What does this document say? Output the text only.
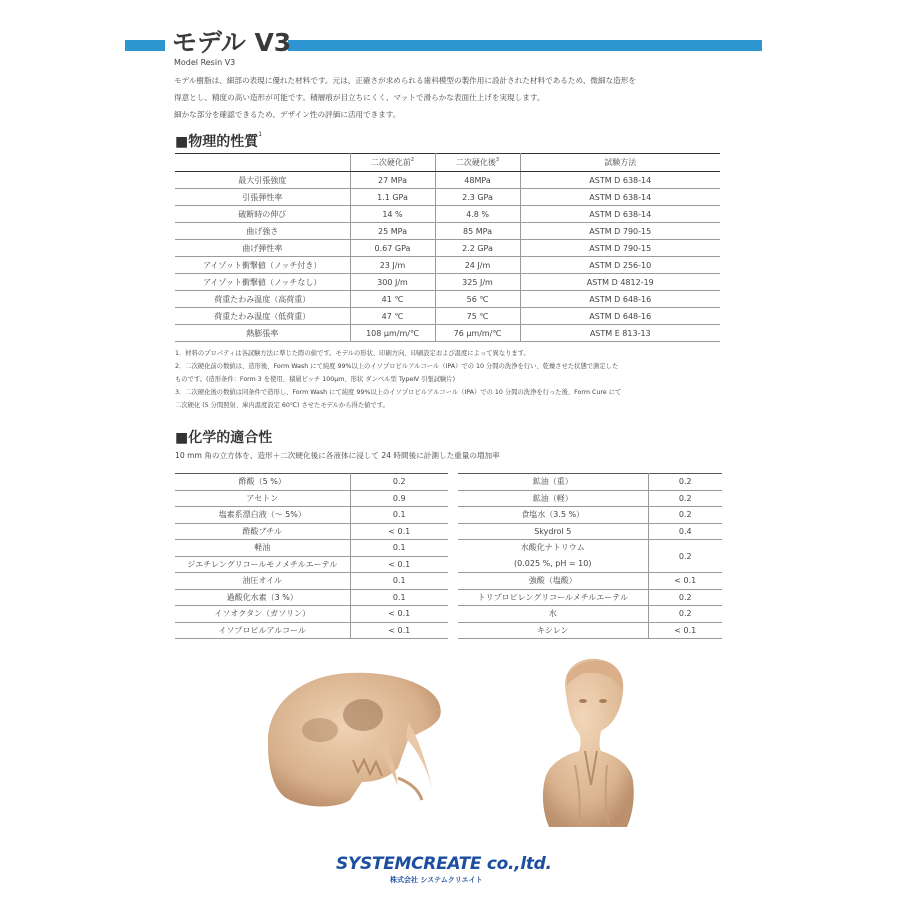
モデル V3
Model Resin V3

モデル樹脂は、細部の表現に優れた材料です。元は、正確さが求められる歯科模型の製作用に設計された材料であるため、微細な造形を

得意とし、精度の高い造形が可能です。積層痕が目立ちにくく、マットで滑らかな表面仕上げを実現します。

細かな部分を確認できるため、デザイン性の評価に活用できます。

■物理的性質$^1$
	二次硬化前$^2$	二次硬化後$^3$	試験方法
最大引張強度	27 MPa	48MPa	ASTM D 638-14
引張弾性率	1.1 GPa	2.3 GPa	ASTM D 638-14
破断時の伸び	14 %	4.8 %	ASTM D 638-14
曲げ強さ	25 MPa	85 MPa	ASTM D 790-15
曲げ弾性率	0.67 GPa	2.2 GPa	ASTM D 790-15
アイゾット衝撃値（ノッチ付き）	23 J/m	24 J/m	ASTM D 256-10
アイゾット衝撃値（ノッチなし）	300 J/m	325 J/m	ASTM D 4812-19
荷重たわみ温度（高荷重）	41 ℃	56 ℃	ASTM D 648-16
荷重たわみ温度（低荷重）	47 ℃	75 ℃	ASTM D 648-16
熱膨張率	108 μm/m/℃	76 μm/m/℃	ASTM E 813-13

1．材料のプロパティは各試験方法に準じた際の値です。モデルの形状、印刷方向、印刷設定および温度によって異なります。

2．二次硬化前の数値は、造形後、Form Wash にて純度 99%以上のイソプロピルアルコール（IPA）での 10 分間の洗浄を行い、乾燥させた状態で測定した

ものです。(造形条件：Form 3 を使用、積層ピッチ 100μm、形状 ダンベル型 TypeⅣ 引張試験片)

3．二次硬化後の数値は同条件で造形し、Form Wash にて純度 99%以上のイソプロピルアルコール（IPA）での 10 分間の洗浄を行った後、Form Cure にて

二次硬化 (5 分間照射、庫内温度設定 60℃) させたモデルから得た値です。

■化学的適合性
10 mm 角の立方体を、造形＋二次硬化後に各液体に浸して 24 時間後に計測した重量の増加率
酢酸（5 %）	0.2
アセトン	0.9
塩素系漂白液（～ 5%）	0.1
酢酸ブチル	< 0.1
軽油	0.1
ジエチレングリコールモノメチルエーテル	< 0.1
油圧オイル	0.1
過酸化水素（3 %）	0.1
イソオクタン（ガソリン）	< 0.1
イソプロピルアルコール	< 0.1
鉱油（重）	0.2
鉱油（軽）	0.2
食塩水（3.5 %）	0.2
Skydrol 5	0.4

水酸化ナトリウム
(0.025 %, pH = 10)	0.2
強酸（塩酸）	< 0.1
トリプロピレングリコールメチルエーテル	0.2
水	0.2
キシレン	< 0.1
SYSTEMCREATE co.,ltd.
株式会社 システムクリエイト
